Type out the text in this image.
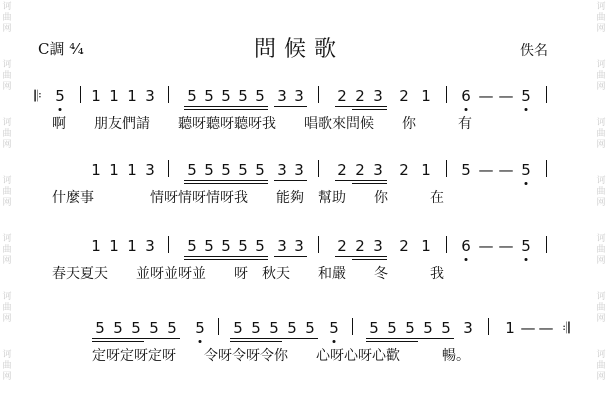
诃
曲
网
诃
曲
网
诃
曲
网
诃
曲
网
诃
曲
网
诃
曲
网
诃
曲
网
诃
曲
网
诃
曲
网
诃
曲
网
诃
曲
网
诃
曲
网
诃
曲
网
诃
曲
网
C調 ⁴⁄₄	問候歌	佚名
𝄆 5 1 1 1 3 5 5 5 5 5 3 3 2 2 3 2 1 6 — — 5
啊　　朋友們請　　聽呀聽呀聽呀我　　唱歌來問候　　你　　　有
1 1 1 3 5 5 5 5 5 3 3 2 2 3 2 1 5 — — 5
什麼事　　　　情呀情呀情呀我　　能夠　幫助　　你　　　在
1 1 1 3 5 5 5 5 5 3 3 2 2 3 2 1 6 — — 5
春天夏天　　並呀並呀並　　呀　秋天　　和嚴　　冬　　　我
5 5 5 5 5 5 5 5 5 5 5 5 5 5 5 5 5 3 1 — — 𝄇
定呀定呀定呀　　令呀令呀令你　　心呀心呀心歡　　　暢。
